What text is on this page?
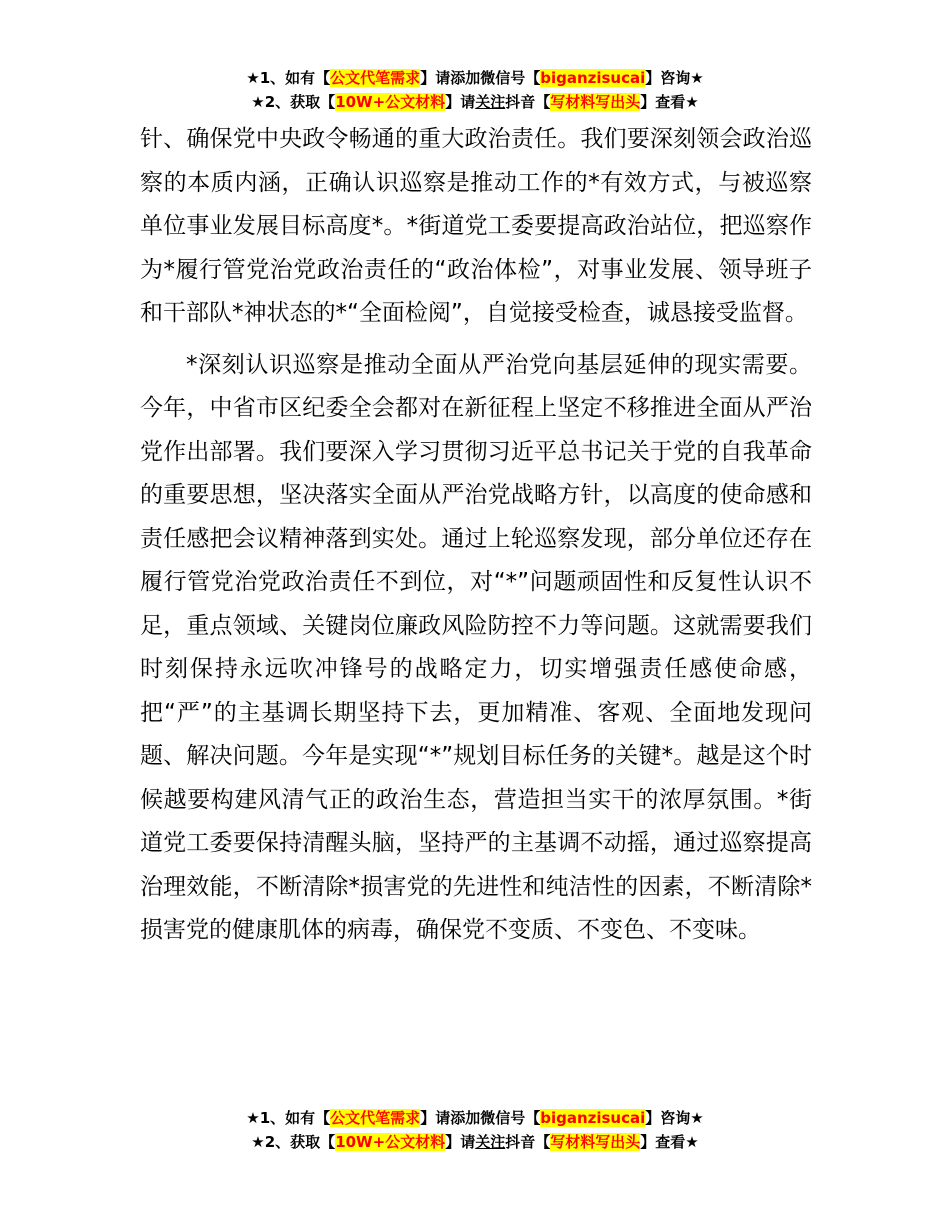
★1、如有【公文代笔需求】请添加微信号【biganzisucai】咨询★
★2、获取【10W+公文材料】请关注抖音【写材料写出头】查看★

针、确保党中央政令畅通的重大政治责任。我们要深刻领会政治巡察的本质内涵，正确认识巡察是推动工作的*有效方式，与被巡察单位事业发展目标高度*。*街道党工委要提高政治站位，把巡察作为*履行管党治党政治责任的“政治体检”，对事业发展、领导班子和干部队*神状态的*“全面检阅”，自觉接受检查，诚恳接受监督。

*深刻认识巡察是推动全面从严治党向基层延伸的现实需要。今年，中省市区纪委全会都对在新征程上坚定不移推进全面从严治党作出部署。我们要深入学习贯彻习近平总书记关于党的自我革命的重要思想，坚决落实全面从严治党战略方针，以高度的使命感和责任感把会议精神落到实处。通过上轮巡察发现，部分单位还存在履行管党治党政治责任不到位，对“*”问题顽固性和反复性认识不足，重点领域、关键岗位廉政风险防控不力等问题。这就需要我们时刻保持永远吹冲锋号的战略定力，切实增强责任感使命感，把“严”的主基调长期坚持下去，更加精准、客观、全面地发现问题、解决问题。今年是实现“*”规划目标任务的关键*。越是这个时候越要构建风清气正的政治生态，营造担当实干的浓厚氛围。*街道党工委要保持清醒头脑，坚持严的主基调不动摇，通过巡察提高治理效能，不断清除*损害党的先进性和纯洁性的因素，不断清除*损害党的健康肌体的病毒，确保党不变质、不变色、不变味。

★1、如有【公文代笔需求】请添加微信号【biganzisucai】咨询★
★2、获取【10W+公文材料】请关注抖音【写材料写出头】查看★
